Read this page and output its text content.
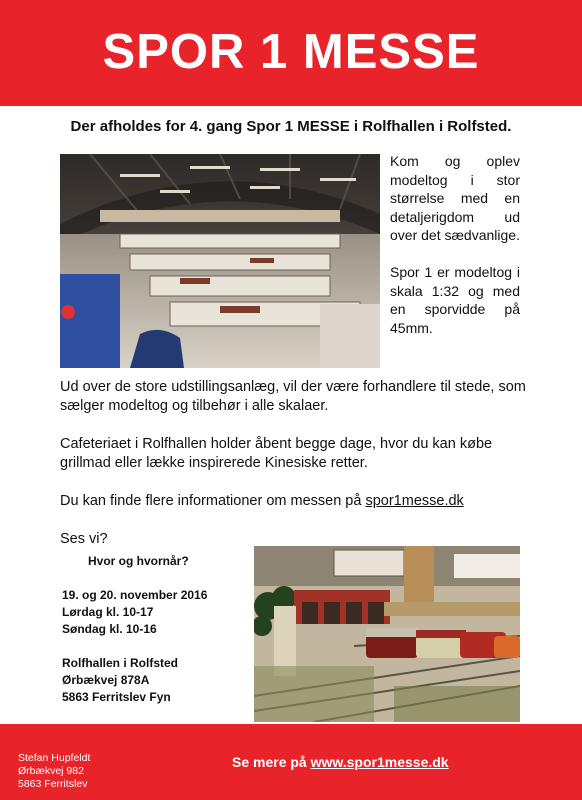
SPOR 1 MESSE
Der afholdes for 4. gang Spor 1 MESSE i Rolfhallen i Rolfsted.

Kom og oplev modeltog i stor størrelse med en detaljerigdom ud over det sædvanlige.

Spor 1 er modeltog i skala 1:32 og med en sporvidde på 45mm.

Ud over de store udstillingsanlæg, vil der være forhandlere til stede, som sælger modeltog og tilbehør i alle skalaer.

Cafeteriaet i Rolfhallen holder åbent begge dage, hvor du kan købe grillmad eller lække inspirerede Kinesiske retter.

Du kan finde flere informationer om messen på spor1messe.dk

Ses vi?

Hvor og hvornår?

19. og 20. november 2016

Lørdag kl. 10-17

Søndag kl. 10-16

Rolfhallen i Rolfsted

Ørbækvej 878A

5863 Ferritslev Fyn

Stefan Hupfeldt
Ørbækvej 982
5863 Ferritslev
Se mere på www.spor1messe.dk
